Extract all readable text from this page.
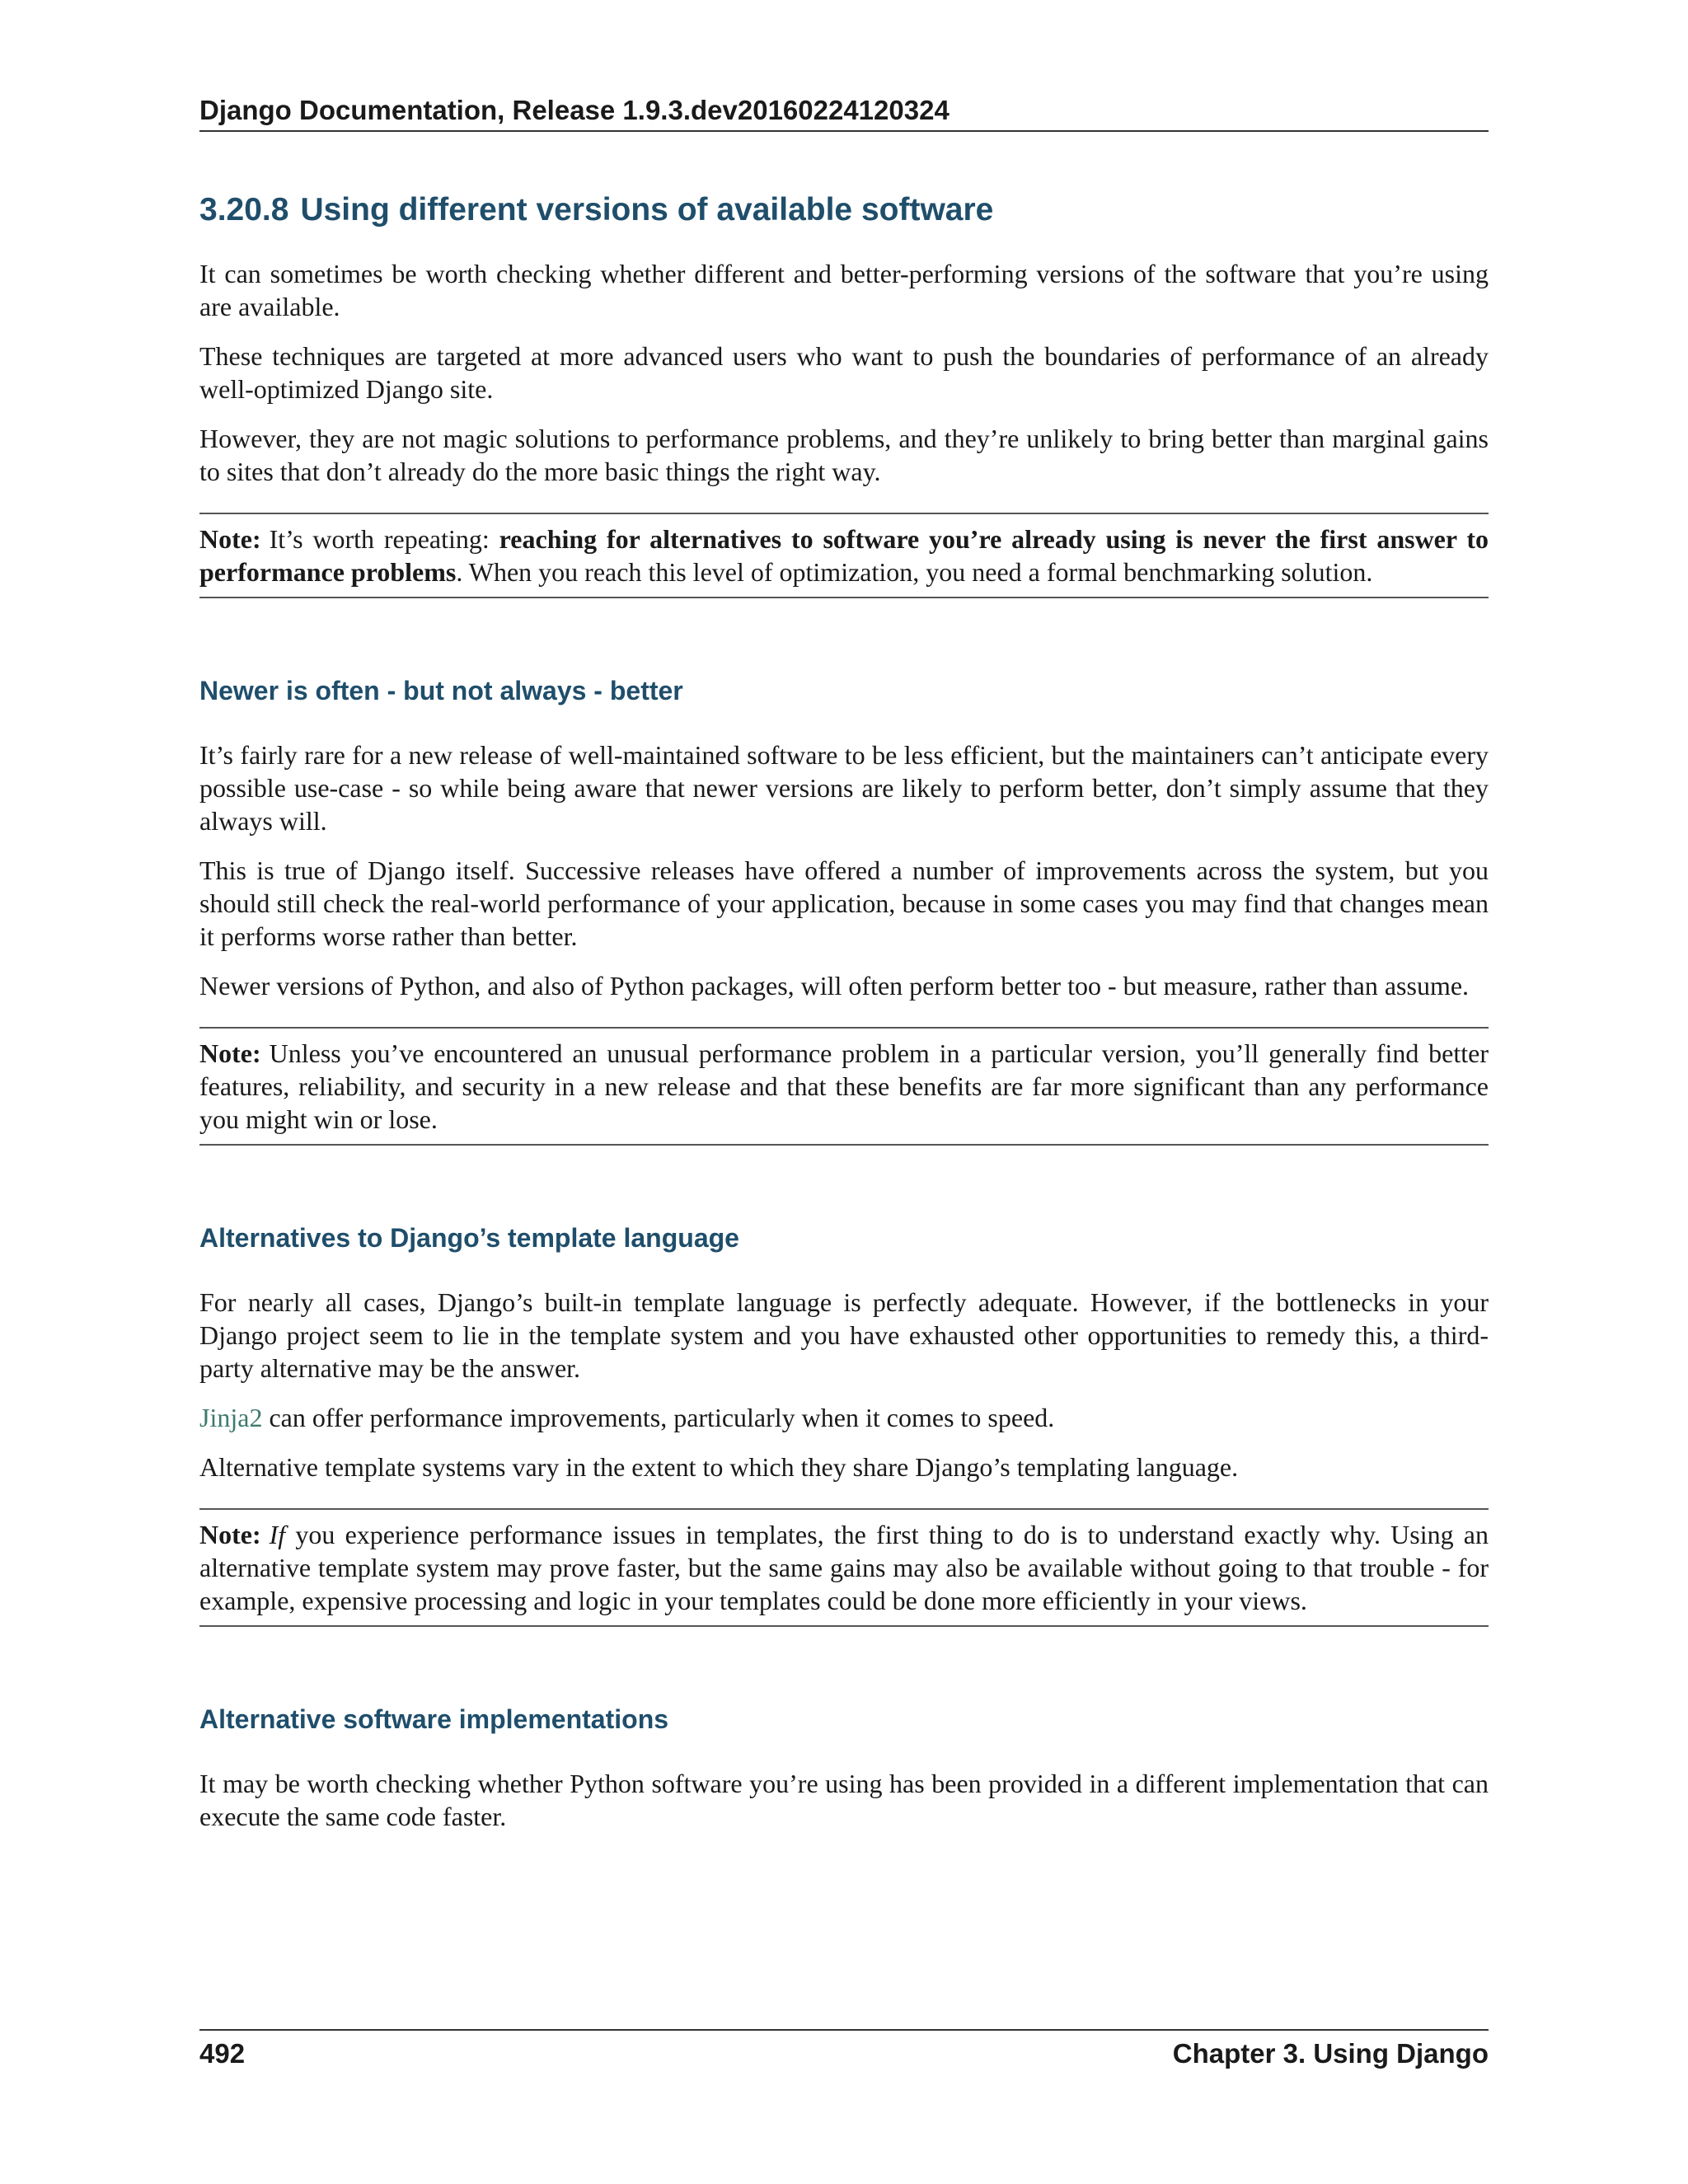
Django Documentation, Release 1.9.3.dev20160224120324
3.20.8 Using different versions of available software

It can sometimes be worth checking whether different and better-performing versions of the software that you’re using are available.

These techniques are targeted at more advanced users who want to push the boundaries of performance of an already well-optimized Django site.

However, they are not magic solutions to performance problems, and they’re unlikely to bring better than marginal gains to sites that don’t already do the more basic things the right way.

Note: It’s worth repeating: reaching for alternatives to software you’re already using is never the first answer to performance problems. When you reach this level of optimization, you need a formal benchmarking solution.

Newer is often - but not always - better

It’s fairly rare for a new release of well-maintained software to be less efficient, but the maintainers can’t anticipate every possible use-case - so while being aware that newer versions are likely to perform better, don’t simply assume that they always will.

This is true of Django itself. Successive releases have offered a number of improvements across the system, but you should still check the real-world performance of your application, because in some cases you may find that changes mean it performs worse rather than better.

Newer versions of Python, and also of Python packages, will often perform better too - but measure, rather than assume.

Note: Unless you’ve encountered an unusual performance problem in a particular version, you’ll generally find better features, reliability, and security in a new release and that these benefits are far more significant than any performance you might win or lose.

Alternatives to Django’s template language

For nearly all cases, Django’s built-in template language is perfectly adequate. However, if the bottlenecks in your Django project seem to lie in the template system and you have exhausted other opportunities to remedy this, a third-party alternative may be the answer.

Jinja2 can offer performance improvements, particularly when it comes to speed.

Alternative template systems vary in the extent to which they share Django’s templating language.

Note: If you experience performance issues in templates, the first thing to do is to understand exactly why. Using an alternative template system may prove faster, but the same gains may also be available without going to that trouble - for example, expensive processing and logic in your templates could be done more efficiently in your views.

Alternative software implementations

It may be worth checking whether Python software you’re using has been provided in a different implementation that can execute the same code faster.

492	Chapter 3. Using Django
